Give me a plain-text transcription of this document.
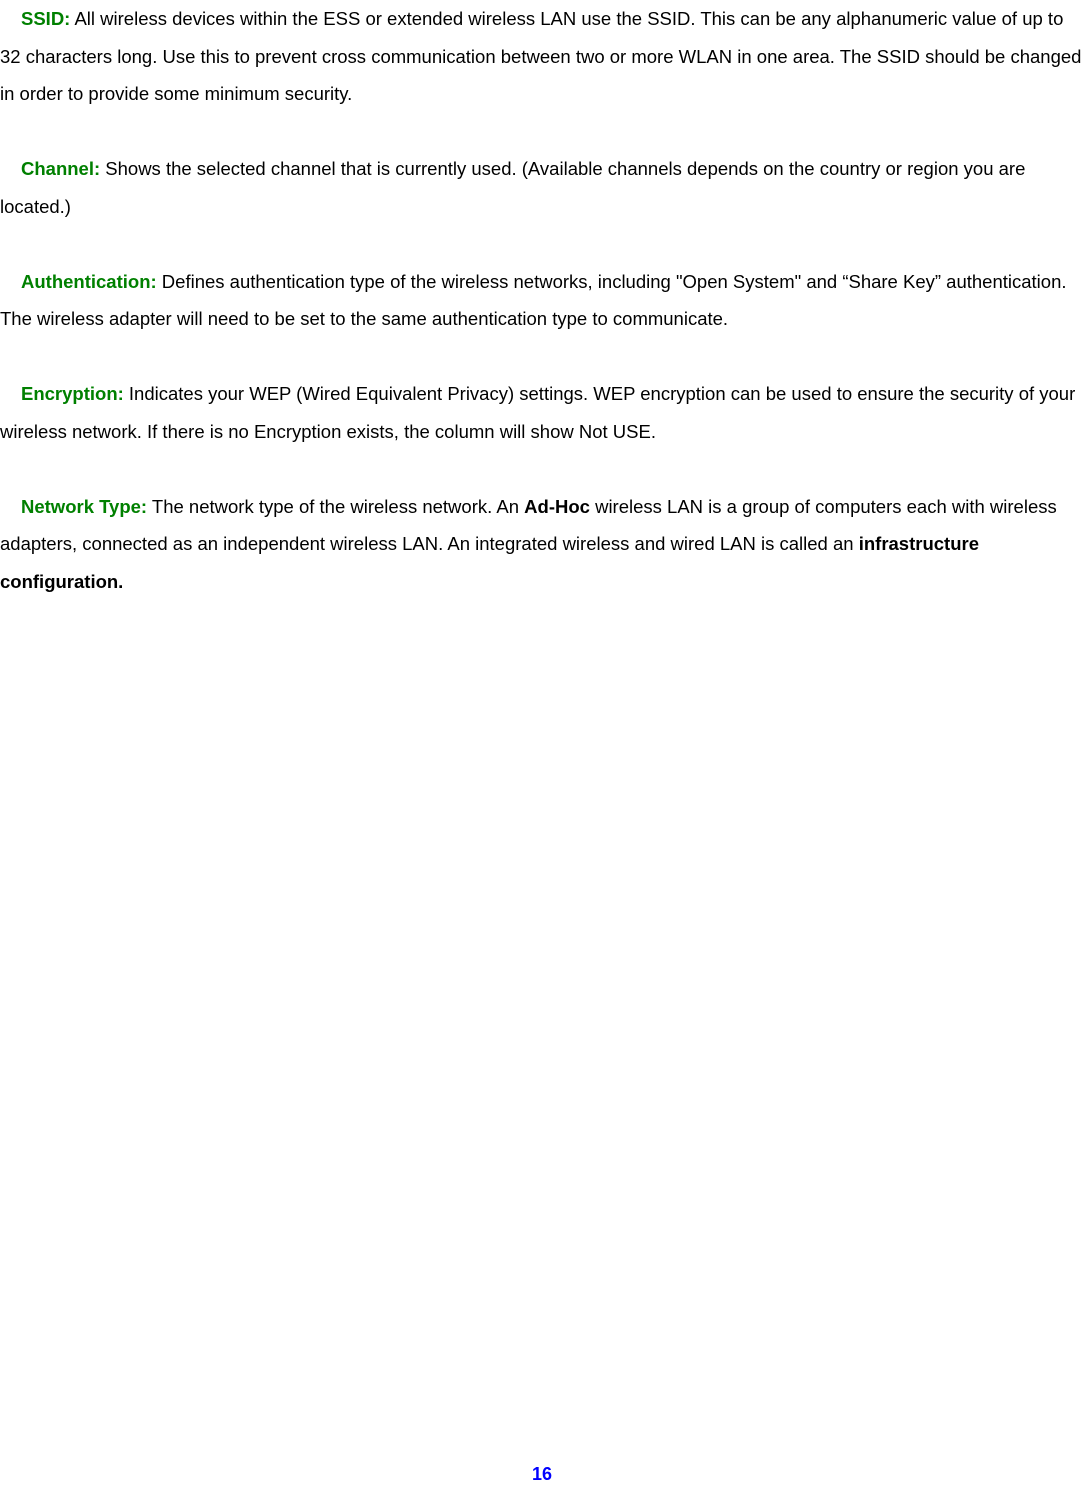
SSID: All wireless devices within the ESS or extended wireless LAN use the SSID. This can be any alphanumeric value of up to 32 characters long. Use this to prevent cross communication between two or more WLAN in one area. The SSID should be changed in order to provide some minimum security.

Channel: Shows the selected channel that is currently used. (Available channels depends on the country or region you are located.)

Authentication: Defines authentication type of the wireless networks, including "Open System" and “Share Key” authentication. The wireless adapter will need to be set to the same authentication type to communicate.

Encryption: Indicates your WEP (Wired Equivalent Privacy) settings. WEP encryption can be used to ensure the security of your wireless network. If there is no Encryption exists, the column will show Not USE.

Network Type: The network type of the wireless network. An Ad-Hoc wireless LAN is a group of computers each with wireless adapters, connected as an independent wireless LAN. An integrated wireless and wired LAN is called an infrastructure configuration.

16
